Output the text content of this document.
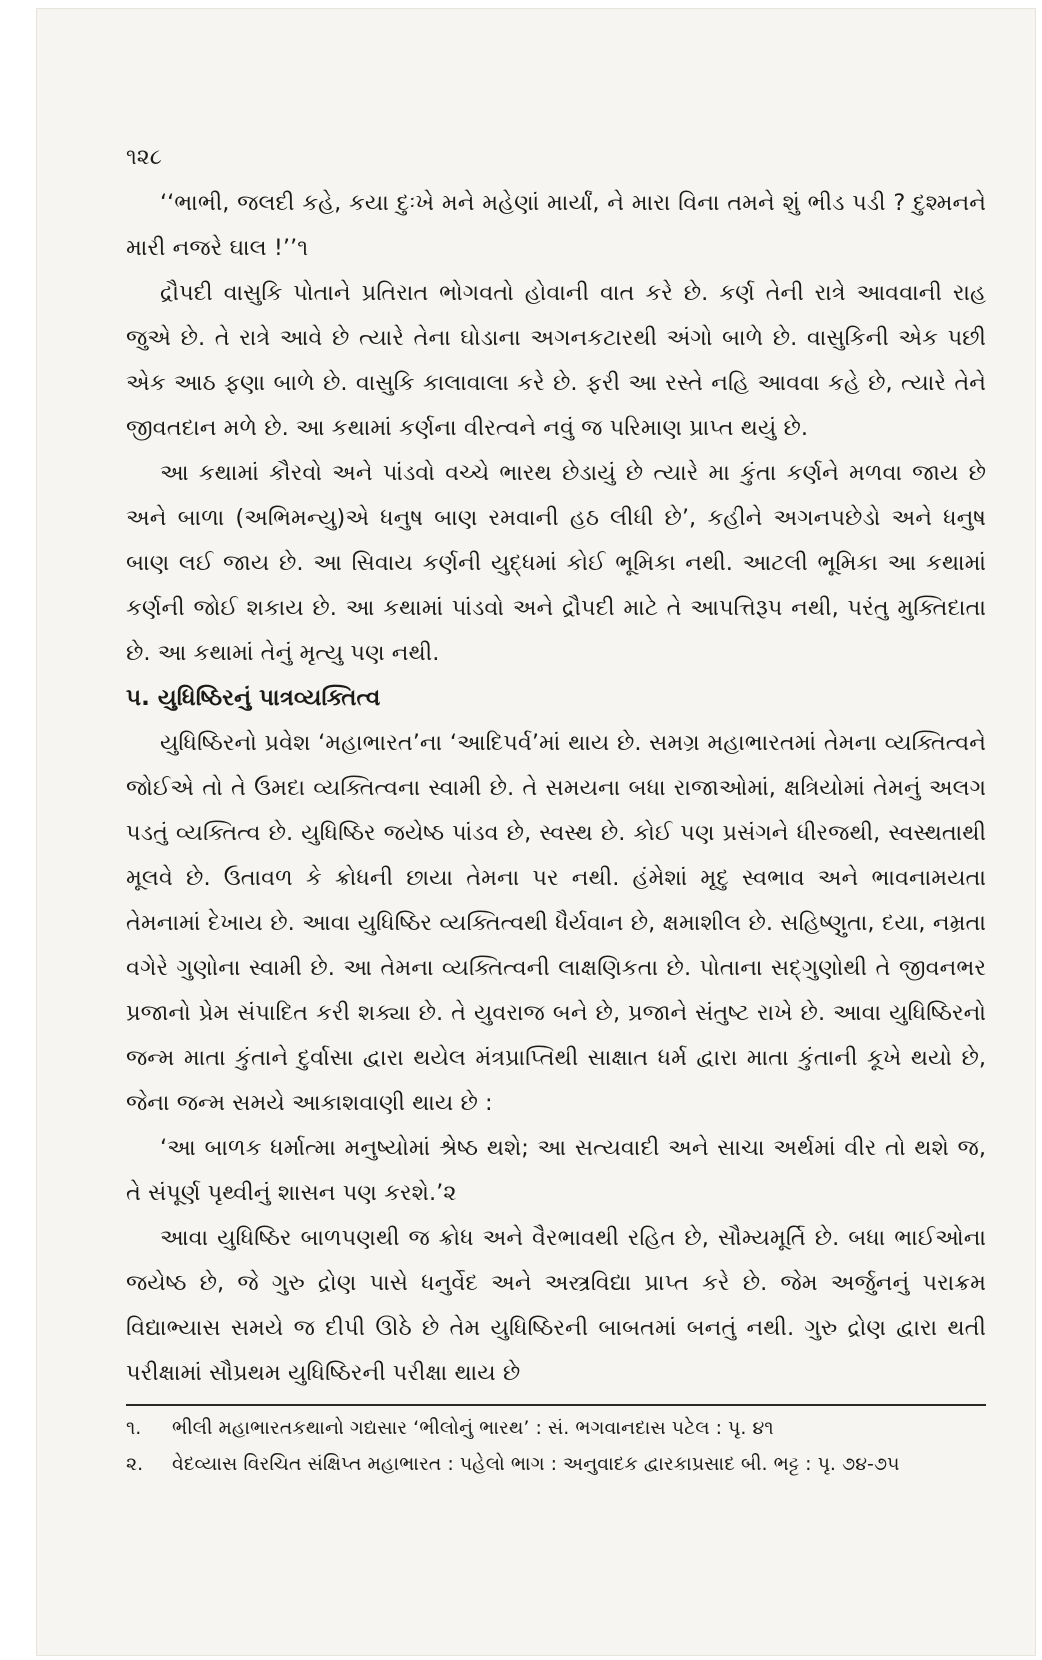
૧૨૮

‘‘ભાભી, જલદી કહે, કયા દુઃખે મને મહેણાં માર્યાં, ને મારા વિના તમને શું ભીડ પડી ? દુશ્મનને મારી નજરે ઘાલ !’’૧

દ્રૌપદી વાસુકિ પોતાને પ્રતિરાત ભોગવતો હોવાની વાત કરે છે. કર્ણ તેની રાત્રે આવવાની રાહ જુએ છે. તે રાત્રે આવે છે ત્યારે તેના ઘોડાના અગનકટારથી અંગો બાળે છે. વાસુકિની એક પછી એક આઠ ફણા બાળે છે. વાસુકિ કાલાવાલા કરે છે. ફરી આ રસ્તે નહિ આવવા કહે છે, ત્યારે તેને જીવતદાન મળે છે. આ કથામાં કર્ણના વીરત્વને નવું જ પરિમાણ પ્રાપ્ત થયું છે.

આ કથામાં કૌરવો અને પાંડવો વચ્ચે ભારથ છેડાયું છે ત્યારે મા કુંતા કર્ણને મળવા જાય છે અને બાળા (અભિમન્યુ)એ ધનુષ બાણ રમવાની હઠ લીધી છે’, કહીને અગનપછેડો અને ધનુષ બાણ લઈ જાય છે. આ સિવાય કર્ણની યુદ્ધમાં કોઈ ભૂમિકા નથી. આટલી ભૂમિકા આ કથામાં કર્ણની જોઈ શકાય છે. આ કથામાં પાંડવો અને દ્રૌપદી માટે તે આપત્તિરૂપ નથી, પરંતુ મુક્તિદાતા છે. આ કથામાં તેનું મૃત્યુ પણ નથી.

૫. યુધિષ્ઠિરનું પાત્રવ્યક્તિત્વ

યુધિષ્ઠિરનો પ્રવેશ ‘મહાભારત’ના ‘આદિપર્વ’માં થાય છે. સમગ્ર મહાભારતમાં તેમના વ્યક્તિત્વને જોઈએ તો તે ઉમદા વ્યક્તિત્વના સ્વામી છે. તે સમયના બધા રાજાઓમાં, ક્ષત્રિયોમાં તેમનું અલગ પડતું વ્યક્તિત્વ છે. યુધિષ્ઠિર જયેષ્ઠ પાંડવ છે, સ્વસ્થ છે. કોઈ પણ પ્રસંગને ધીરજથી, સ્વસ્થતાથી મૂલવે છે. ઉતાવળ કે ક્રોધની છાયા તેમના પર નથી. હંમેશાં મૃદુ સ્વભાવ અને ભાવનામયતા તેમનામાં દેખાય છે. આવા યુધિષ્ઠિર વ્યક્તિત્વથી ધૈર્યવાન છે, ક્ષમાશીલ છે. સહિષ્ણુતા, દયા, નમ્રતા વગેરે ગુણોના સ્વામી છે. આ તેમના વ્યક્તિત્વની લાક્ષણિકતા છે. પોતાના સદ્‌ગુણોથી તે જીવનભર પ્રજાનો પ્રેમ સંપાદિત કરી શક્યા છે. તે યુવરાજ બને છે, પ્રજાને સંતુષ્ટ રાખે છે. આવા યુધિષ્ઠિરનો જન્મ માતા કુંતાને દુર્વાસા દ્વારા થયેલ મંત્રપ્રાપ્તિથી સાક્ષાત ધર્મ દ્વારા માતા કુંતાની કૂખે થયો છે, જેના જન્મ સમયે આકાશવાણી થાય છે :

‘આ બાળક ધર્માત્મા મનુષ્યોમાં શ્રેષ્ઠ થશે; આ સત્યવાદી અને સાચા અર્થમાં વીર તો થશે જ, તે સંપૂર્ણ પૃથ્વીનું શાસન પણ કરશે.’૨

આવા યુધિષ્ઠિર બાળપણથી જ ક્રોધ અને વૈરભાવથી રહિત છે, સૌમ્યમૂર્તિ છે. બધા ભાઈઓના જયેષ્ઠ છે, જે ગુરુ દ્રોણ પાસે ધનુર્વેદ અને અસ્ત્રવિદ્યા પ્રાપ્ત કરે છે. જેમ અર્જુનનું પરાક્રમ વિદ્યાભ્યાસ સમયે જ દીપી ઊઠે છે તેમ યુધિષ્ઠિરની બાબતમાં બનતું નથી. ગુરુ દ્રોણ દ્વારા થતી પરીક્ષામાં સૌપ્રથમ યુધિષ્ઠિરની પરીક્ષા થાય છે

૧.	ભીલી મહાભારતકથાનો ગદ્યસાર ‘ભીલોનું ભારથ’ : સં. ભગવાનદાસ પટેલ : પૃ. ૪૧
૨.	વેદવ્યાસ વિરચિત સંક્ષિપ્ત મહાભારત : પહેલો ભાગ : અનુવાદક દ્વારકાપ્રસાદ બી. ભટ્ટ : પૃ. ૭૪-૭૫
